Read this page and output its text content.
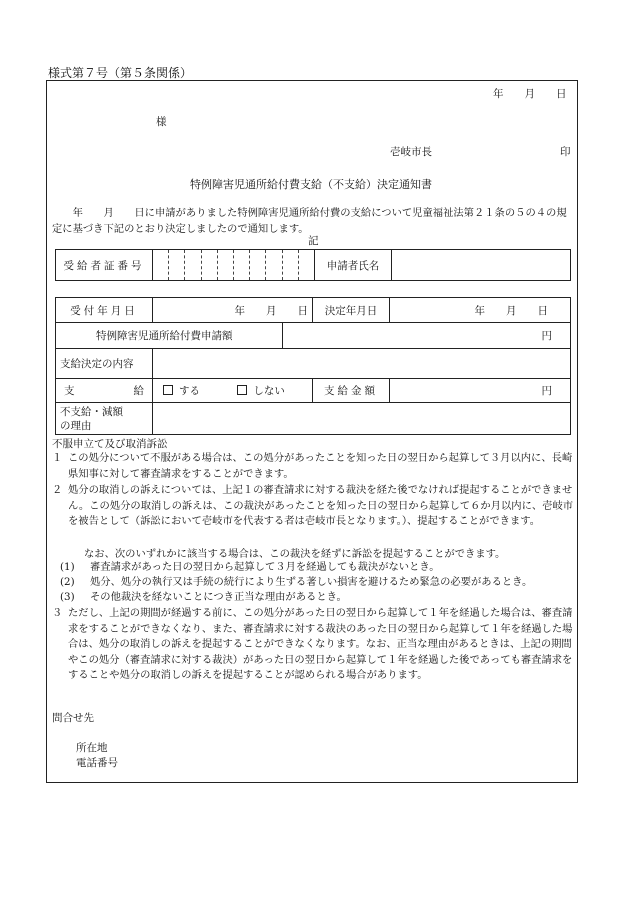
様式第７号（第５条関係）
年　　月　　日
様
壱岐市長	印
特例障害児通所給付費支給（不支給）決定通知書
　　年　　月　　日に申請がありました特例障害児通所給付費の支給について児童福祉法第２１条の５の４の規定に基づき下記のとおり決定しましたので通知します。
記
受給者証番号		申請者氏名	
受付年月日	年　　月　　日		決定年月日	年　　月　　日
特例障害児通所給付費申請額		円		
支給決定の内容				

支 給	する しない		支給金額	円

不支給・減額
の理由				

不服申立て及び取消訴訟
１ この処分について不服がある場合は、この処分があったことを知った日の翌日から起算して３月以内に、長崎県知事に対して審査請求をすることができます。
２ 処分の取消しの訴えについては、上記１の審査請求に対する裁決を経た後でなければ提起することができません。この処分の取消しの訴えは、この裁決があったことを知った日の翌日から起算して６か月以内に、壱岐市を被告として（訴訟において壱岐市を代表する者は壱岐市長となります。）、提起することができます。
なお、次のいずれかに該当する場合は、この裁決を経ずに訴訟を提起することができます。
(1) 審査請求があった日の翌日から起算して３月を経過しても裁決がないとき。
(2) 処分、処分の執行又は手続の続行により生ずる著しい損害を避けるため緊急の必要があるとき。
(3) その他裁決を経ないことにつき正当な理由があるとき。
３ ただし、上記の期間が経過する前に、この処分があった日の翌日から起算して１年を経過した場合は、審査請求をすることができなくなり、また、審査請求に対する裁決のあった日の翌日から起算して１年を経過した場合は、処分の取消しの訴えを提起することができなくなります。なお、正当な理由があるときは、上記の期間やこの処分（審査請求に対する裁決）があった日の翌日から起算して１年を経過した後であっても審査請求をすることや処分の取消しの訴えを提起することが認められる場合があります。
問合せ先
所在地
電話番号
